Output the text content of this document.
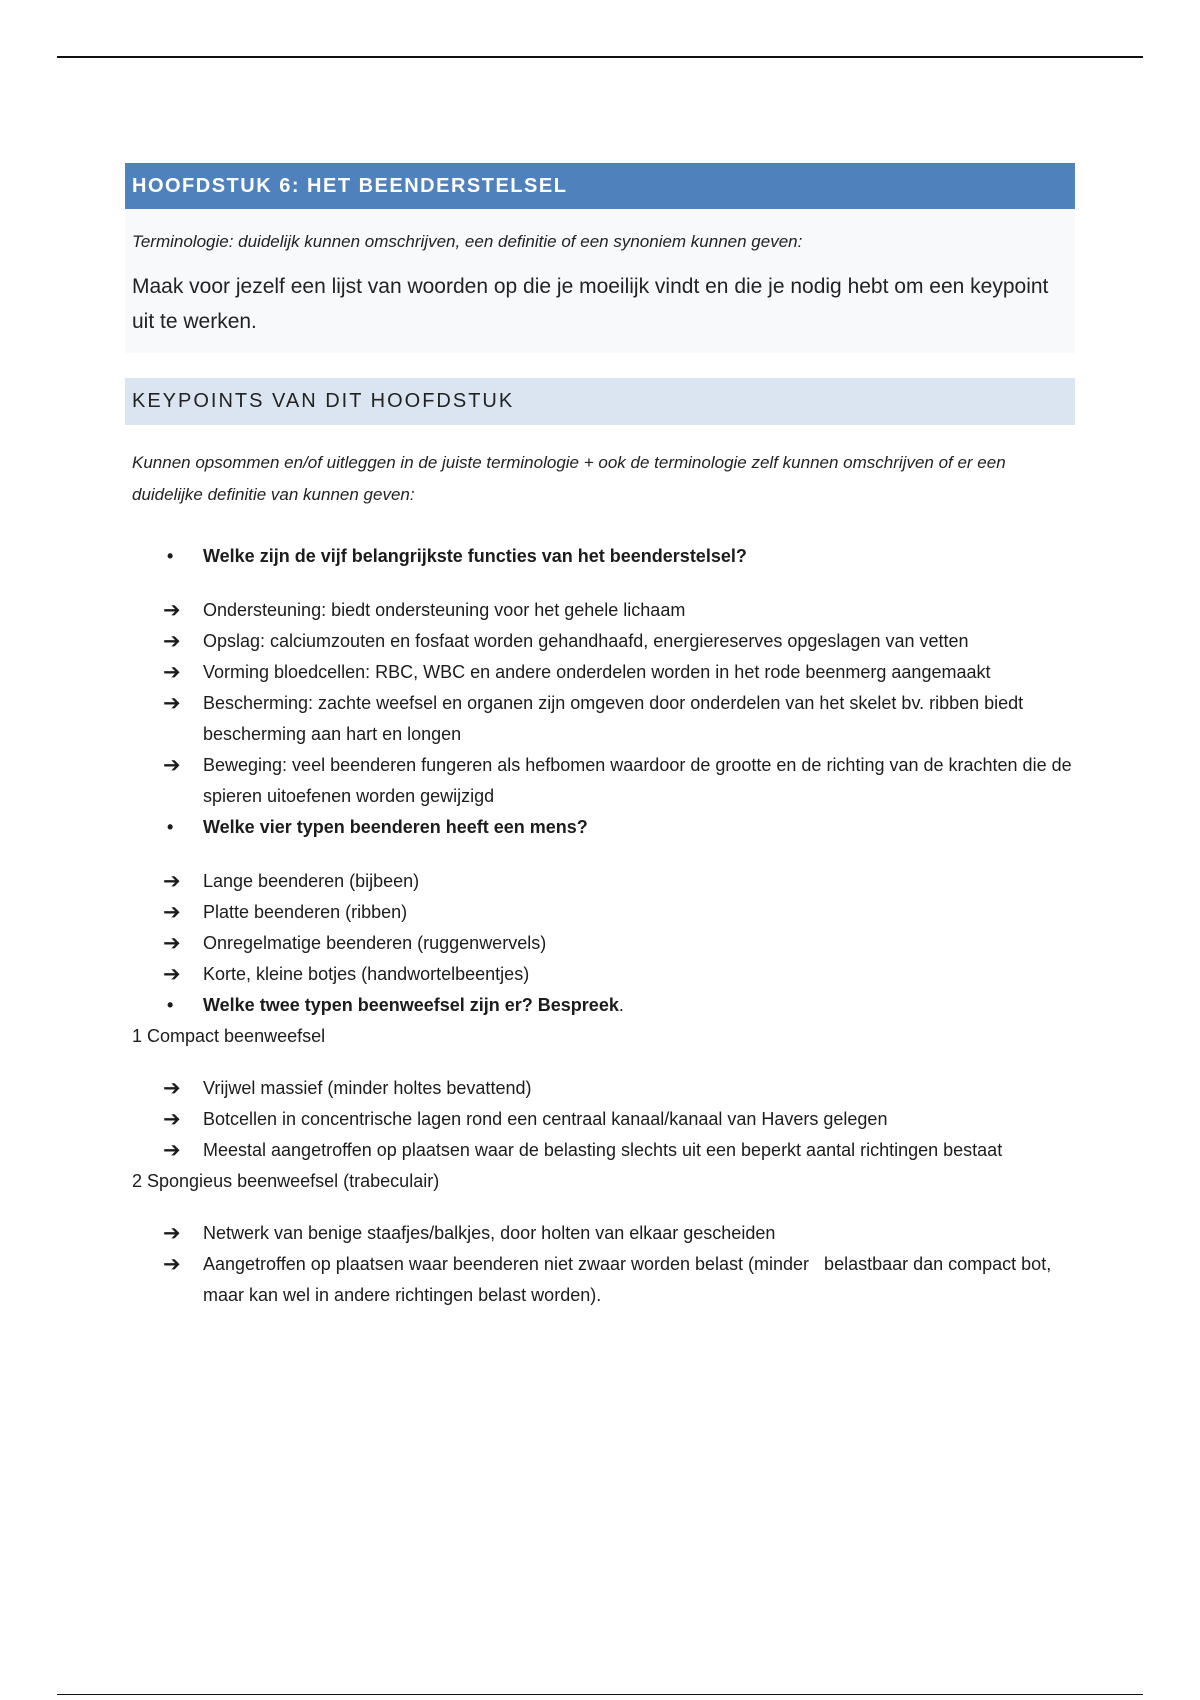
HOOFDSTUK 6: HET BEENDERSTELSEL

Terminologie: duidelijk kunnen omschrijven, een definitie of een synoniem kunnen geven:

Maak voor jezelf een lijst van woorden op die je moeilijk vindt en die je nodig hebt om een keypoint uit te werken.

KEYPOINTS VAN DIT HOOFDSTUK

Kunnen opsommen en/of uitleggen in de juiste terminologie + ook de terminologie zelf kunnen omschrijven of er een duidelijke definitie van kunnen geven:

•	Welke zijn de vijf belangrijkste functies van het beenderstelsel?
➔	Ondersteuning: biedt ondersteuning voor het gehele lichaam
➔	Opslag: calciumzouten en fosfaat worden gehandhaafd, energiereserves opgeslagen van vetten
➔	Vorming bloedcellen: RBC, WBC en andere onderdelen worden in het rode beenmerg aangemaakt
➔	Bescherming: zachte weefsel en organen zijn omgeven door onderdelen van het skelet bv. ribben biedt bescherming aan hart en longen
➔	Beweging: veel beenderen fungeren als hefbomen waardoor de grootte en de richting van de krachten die de spieren uitoefenen worden gewijzigd
•	Welke vier typen beenderen heeft een mens?
➔	Lange beenderen (bijbeen)
➔	Platte beenderen (ribben)
➔	Onregelmatige beenderen (ruggenwervels)
➔	Korte, kleine botjes (handwortelbeentjes)
•	Welke twee typen beenweefsel zijn er? Bespreek.

1 Compact beenweefsel

➔	Vrijwel massief (minder holtes bevattend)
➔	Botcellen in concentrische lagen rond een centraal kanaal/kanaal van Havers gelegen
➔	Meestal aangetroffen op plaatsen waar de belasting slechts uit een beperkt aantal richtingen bestaat

2 Spongieus beenweefsel (trabeculair)

➔	Netwerk van benige staafjes/balkjes, door holten van elkaar gescheiden
➔	Aangetroffen op plaatsen waar beenderen niet zwaar worden belast (minder   belastbaar dan compact bot, maar kan wel in andere richtingen belast worden).
